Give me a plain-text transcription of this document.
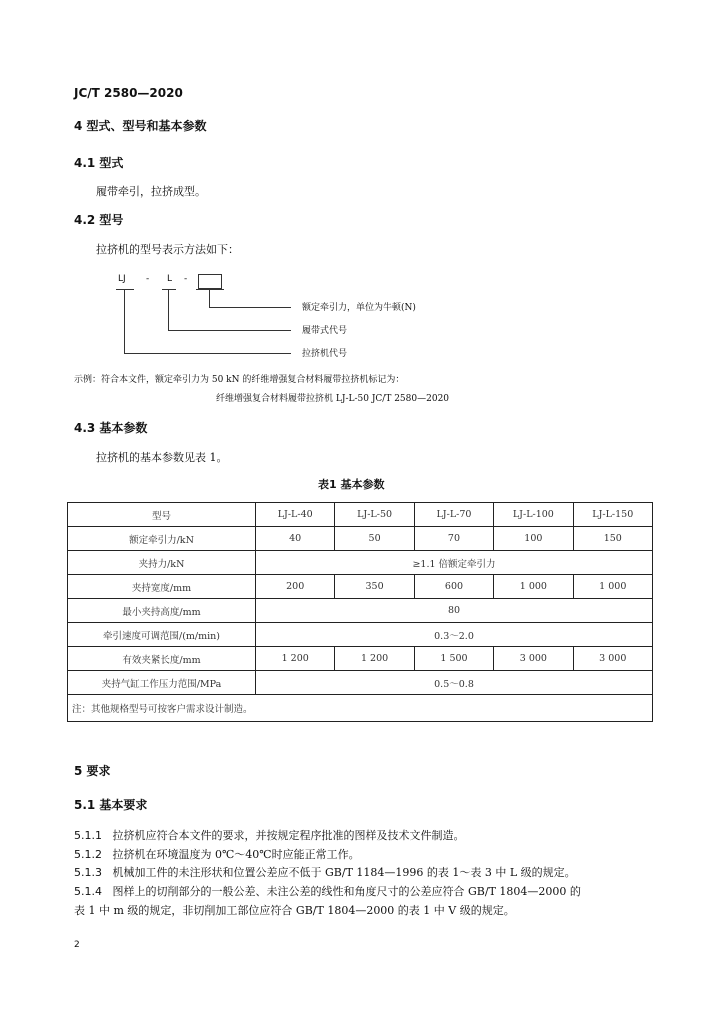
JC/T 2580—2020
4 型式、型号和基本参数
4.1 型式
履带牵引，拉挤成型。
4.2 型号
拉挤机的型号表示方法如下：
LJ - L -
额定牵引力，单位为牛顿(N)
履带式代号
拉挤机代号
示例：符合本文件，额定牵引力为 50 kN 的纤维增强复合材料履带拉挤机标记为：
纤维增强复合材料履带拉挤机 LJ-L-50 JC/T 2580—2020
4.3 基本参数
拉挤机的基本参数见表 1。
表1 基本参数
型号	LJ-L-40	LJ-L-50	LJ-L-70	LJ-L-100	LJ-L-150
额定牵引力/kN	40	50	70	100	150
夹持力/kN	≥1.1 倍额定牵引力				
夹持宽度/mm	200	350	600	1 000	1 000
最小夹持高度/mm	80				
牵引速度可调范围/(m/min)	0.3～2.0				
有效夹紧长度/mm	1 200	1 200	1 500	3 000	3 000
夹持气缸工作压力范围/MPa	0.5～0.8				
注：其他规格型号可按客户需求设计制造。					
5 要求
5.1 基本要求
5.1.1 拉挤机应符合本文件的要求，并按规定程序批准的图样及技术文件制造。
5.1.2 拉挤机在环境温度为 0℃～40℃时应能正常工作。
5.1.3 机械加工件的未注形状和位置公差应不低于 GB/T 1184—1996 的表 1～表 3 中 L 级的规定。
5.1.4 图样上的切削部分的一般公差、未注公差的线性和角度尺寸的公差应符合 GB/T 1804—2000 的
表 1 中 m 级的规定，非切削加工部位应符合 GB/T 1804—2000 的表 1 中 V 级的规定。
2
